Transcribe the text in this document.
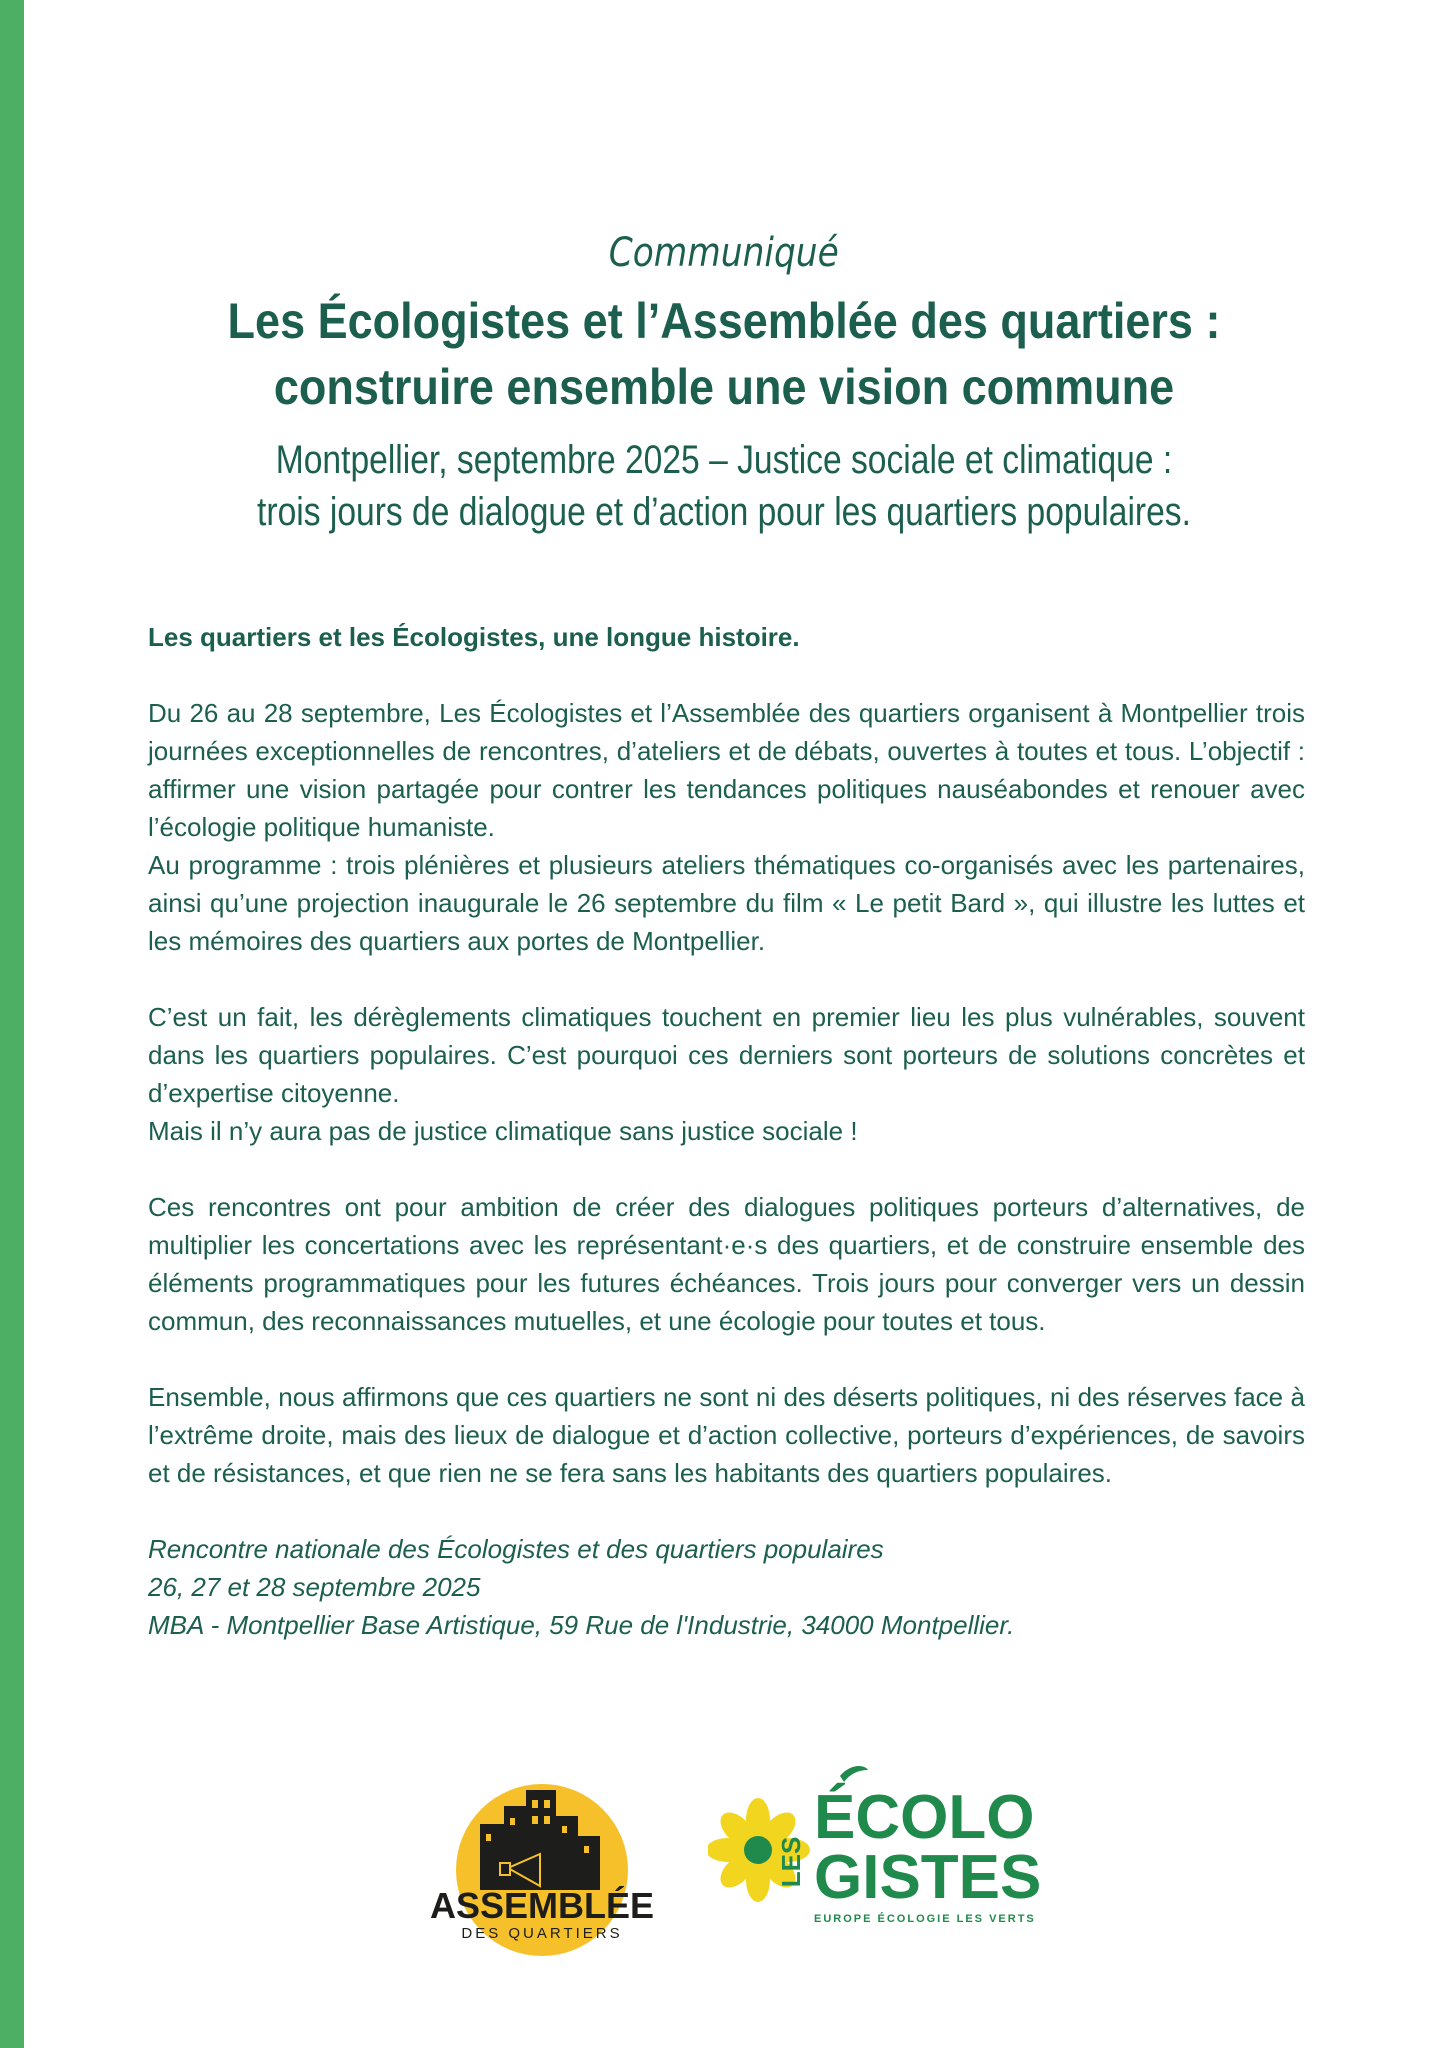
Communiqué
Les Écologistes et l’Assemblée des quartiers :
construire ensemble une vision commune
Montpellier, septembre 2025 – Justice sociale et climatique :
trois jours de dialogue et d’action pour les quartiers populaires.

Les quartiers et les Écologistes, une longue histoire.

Du 26 au 28 septembre, Les Écologistes et l’Assemblée des quartiers organisent à Montpellier trois journées exceptionnelles de rencontres, d’ateliers et de débats, ouvertes à toutes et tous. L’objectif : affirmer une vision partagée pour contrer les tendances politiques nauséabondes et renouer avec l’écologie politique humaniste.
Au programme : trois plénières et plusieurs ateliers thématiques co-organisés avec les partenaires, ainsi qu’une projection inaugurale le 26 septembre du film « Le petit Bard », qui illustre les luttes et les mémoires des quartiers aux portes de Montpellier.

C’est un fait, les dérèglements climatiques touchent en premier lieu les plus vulnérables, souvent dans les quartiers populaires. C’est pourquoi ces derniers sont porteurs de solutions concrètes et d’expertise citoyenne.
Mais il n’y aura pas de justice climatique sans justice sociale !

Ces rencontres ont pour ambition de créer des dialogues politiques porteurs d’alternatives, de multiplier les concertations avec les représentant·e·s des quartiers, et de construire ensemble des éléments programmatiques pour les futures échéances. Trois jours pour converger vers un dessin commun, des reconnaissances mutuelles, et une écologie pour toutes et tous.

Ensemble, nous affirmons que ces quartiers ne sont ni des déserts politiques, ni des réserves face à l’extrême droite, mais des lieux de dialogue et d’action collective, porteurs d’expériences, de savoirs et de résistances, et que rien ne se fera sans les habitants des quartiers populaires.

Rencontre nationale des Écologistes et des quartiers populaires

26, 27 et 28 septembre 2025

MBA - Montpellier Base Artistique, 59 Rue de l'Industrie, 34000 Montpellier.

ASSEMBLÉE
DES QUARTIERS
LES
ÉCOLO
GISTES
EUROPE ÉCOLOGIE LES VERTS
